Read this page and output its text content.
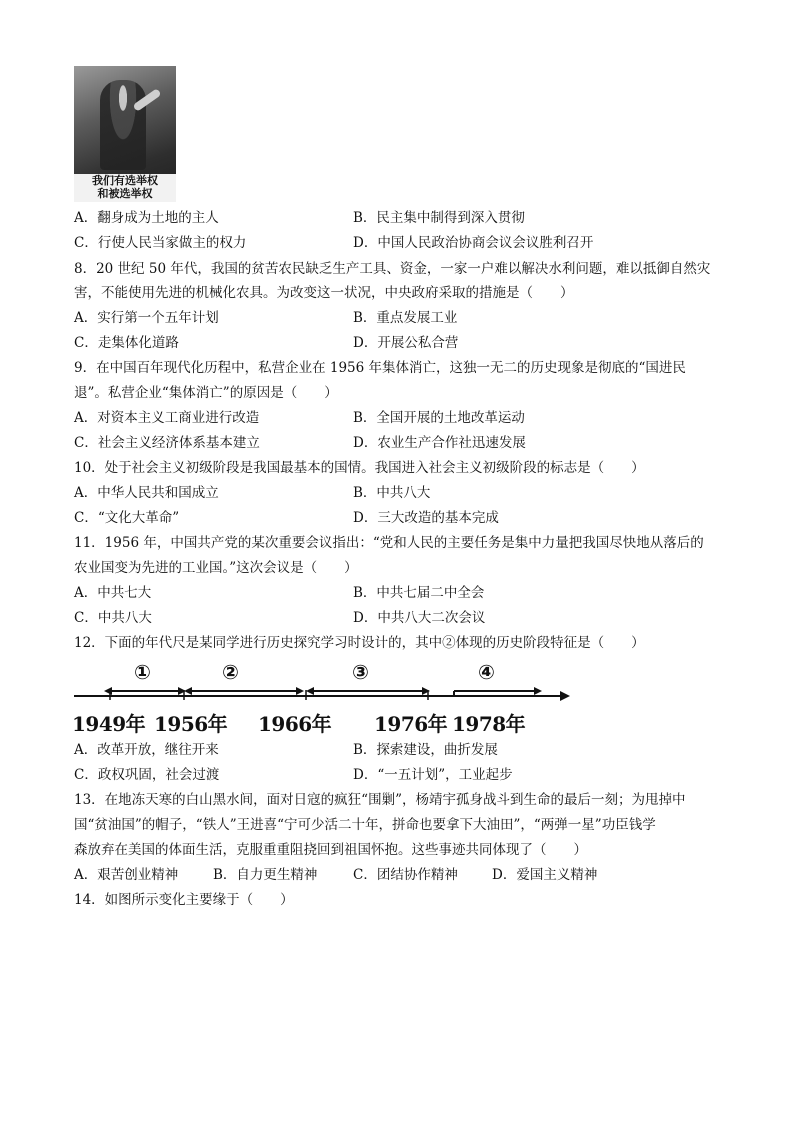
我们有选举权
和被选举权
A．翻身成为土地的主人	B．民主集中制得到深入贯彻
C．行使人民当家做主的权力	D．中国人民政治协商会议会议胜利召开
8．20 世纪 50 年代，我国的贫苦农民缺乏生产工具、资金，一家一户难以解决水利问题，难以抵御自然灾
害，不能使用先进的机械化农具。为改变这一状况，中央政府采取的措施是（　　）
A．实行第一个五年计划	B．重点发展工业
C．走集体化道路	D．开展公私合营
9．在中国百年现代化历程中，私营企业在 1956 年集体消亡，这独一无二的历史现象是彻底的“国进民
退”。私营企业“集体消亡”的原因是（　　）
A．对资本主义工商业进行改造	B．全国开展的土地改革运动
C．社会主义经济体系基本建立	D．农业生产合作社迅速发展
10．处于社会主义初级阶段是我国最基本的国情。我国进入社会主义初级阶段的标志是（　　）
A．中华人民共和国成立	B．中共八大
C．“文化大革命”	D．三大改造的基本完成
11．1956 年，中国共产党的某次重要会议指出：“党和人民的主要任务是集中力量把我国尽快地从落后的
农业国变为先进的工业国。”这次会议是（　　）
A．中共七大	B．中共七届二中全会
C．中共八大	D．中共八大二次会议
12．下面的年代尺是某同学进行历史探究学习时设计的，其中②体现的历史阶段特征是（　　）
①	②	③	④
1949年 1956年 1966年 1976年 1978年
A．改革开放，继往开来	B．探索建设，曲折发展
C．政权巩固，社会过渡	D．“一五计划”，工业起步
13．在地冻天寒的白山黑水间，面对日寇的疯狂“围剿”，杨靖宇孤身战斗到生命的最后一刻；为甩掉中
国“贫油国”的帽子，“铁人”王进喜“宁可少活二十年，拼命也要拿下大油田”，“两弹一星”功臣钱学
森放弃在美国的体面生活，克服重重阻挠回到祖国怀抱。这些事迹共同体现了（　　）
A．艰苦创业精神	B．自力更生精神	C．团结协作精神	D．爱国主义精神
14．如图所示变化主要缘于（　　）
